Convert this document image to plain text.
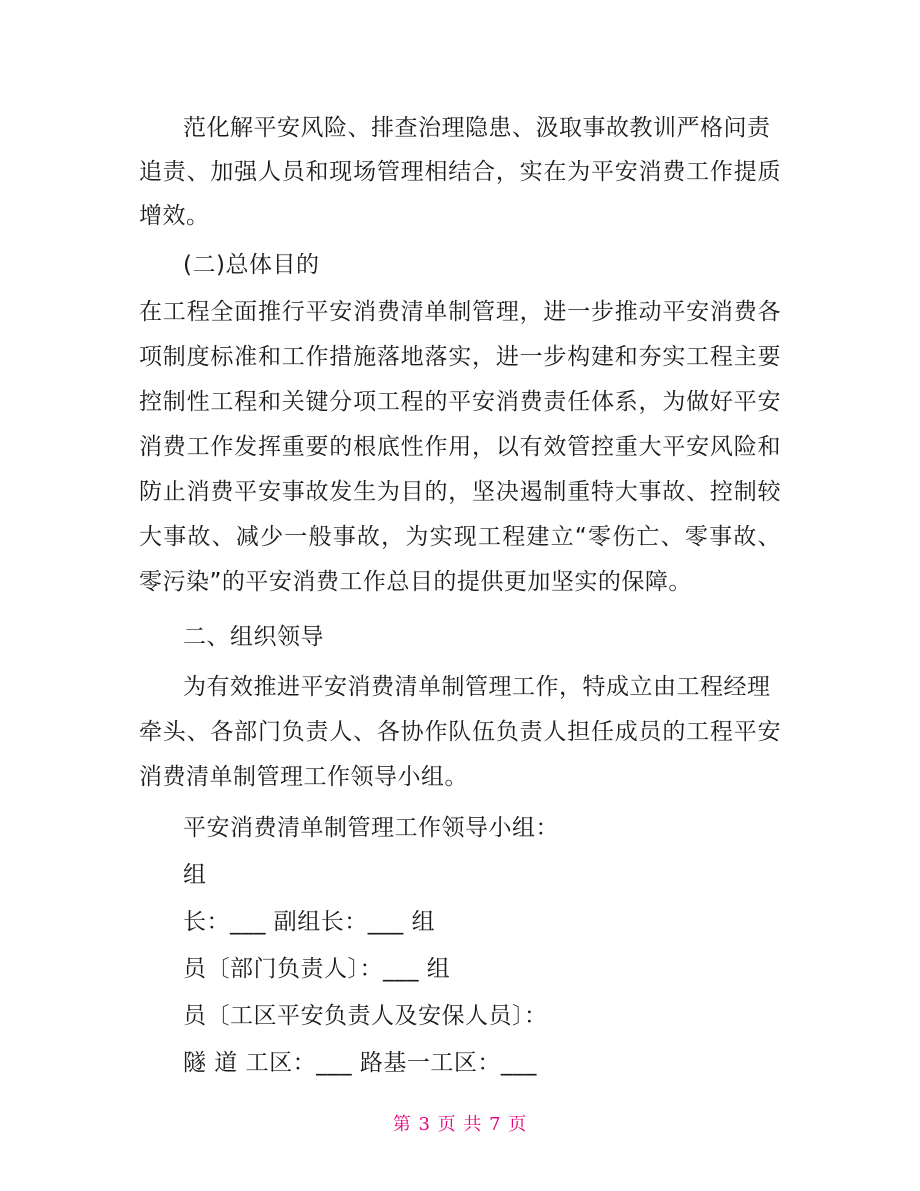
范化解平安风险、排查治理隐患、汲取事故教训严格问责
追责、加强人员和现场管理相结合，实在为平安消费工作提质
增效。
(二)总体目的
在工程全面推行平安消费清单制管理，进一步推动平安消费各
项制度标准和工作措施落地落实，进一步构建和夯实工程主要
控制性工程和关键分项工程的平安消费责任体系，为做好平安
消费工作发挥重要的根底性作用，以有效管控重大平安风险和
防止消费平安事故发生为目的，坚决遏制重特大事故、控制较
大事故、减少一般事故，为实现工程建立“零伤亡、零事故、
零污染”的平安消费工作总目的提供更加坚实的保障。
二、组织领导
为有效推进平安消费清单制管理工作，特成立由工程经理
牵头、各部门负责人、各协作队伍负责人担任成员的工程平安
消费清单制管理工作领导小组。
平安消费清单制管理工作领导小组：
组
长：___ 副组长：___ 组
员〔部门负责人〕：___ 组
员〔工区平安负责人及安保人员〕：
隧 道 工区：___ 路基一工区：___
第 3 页 共 7 页
